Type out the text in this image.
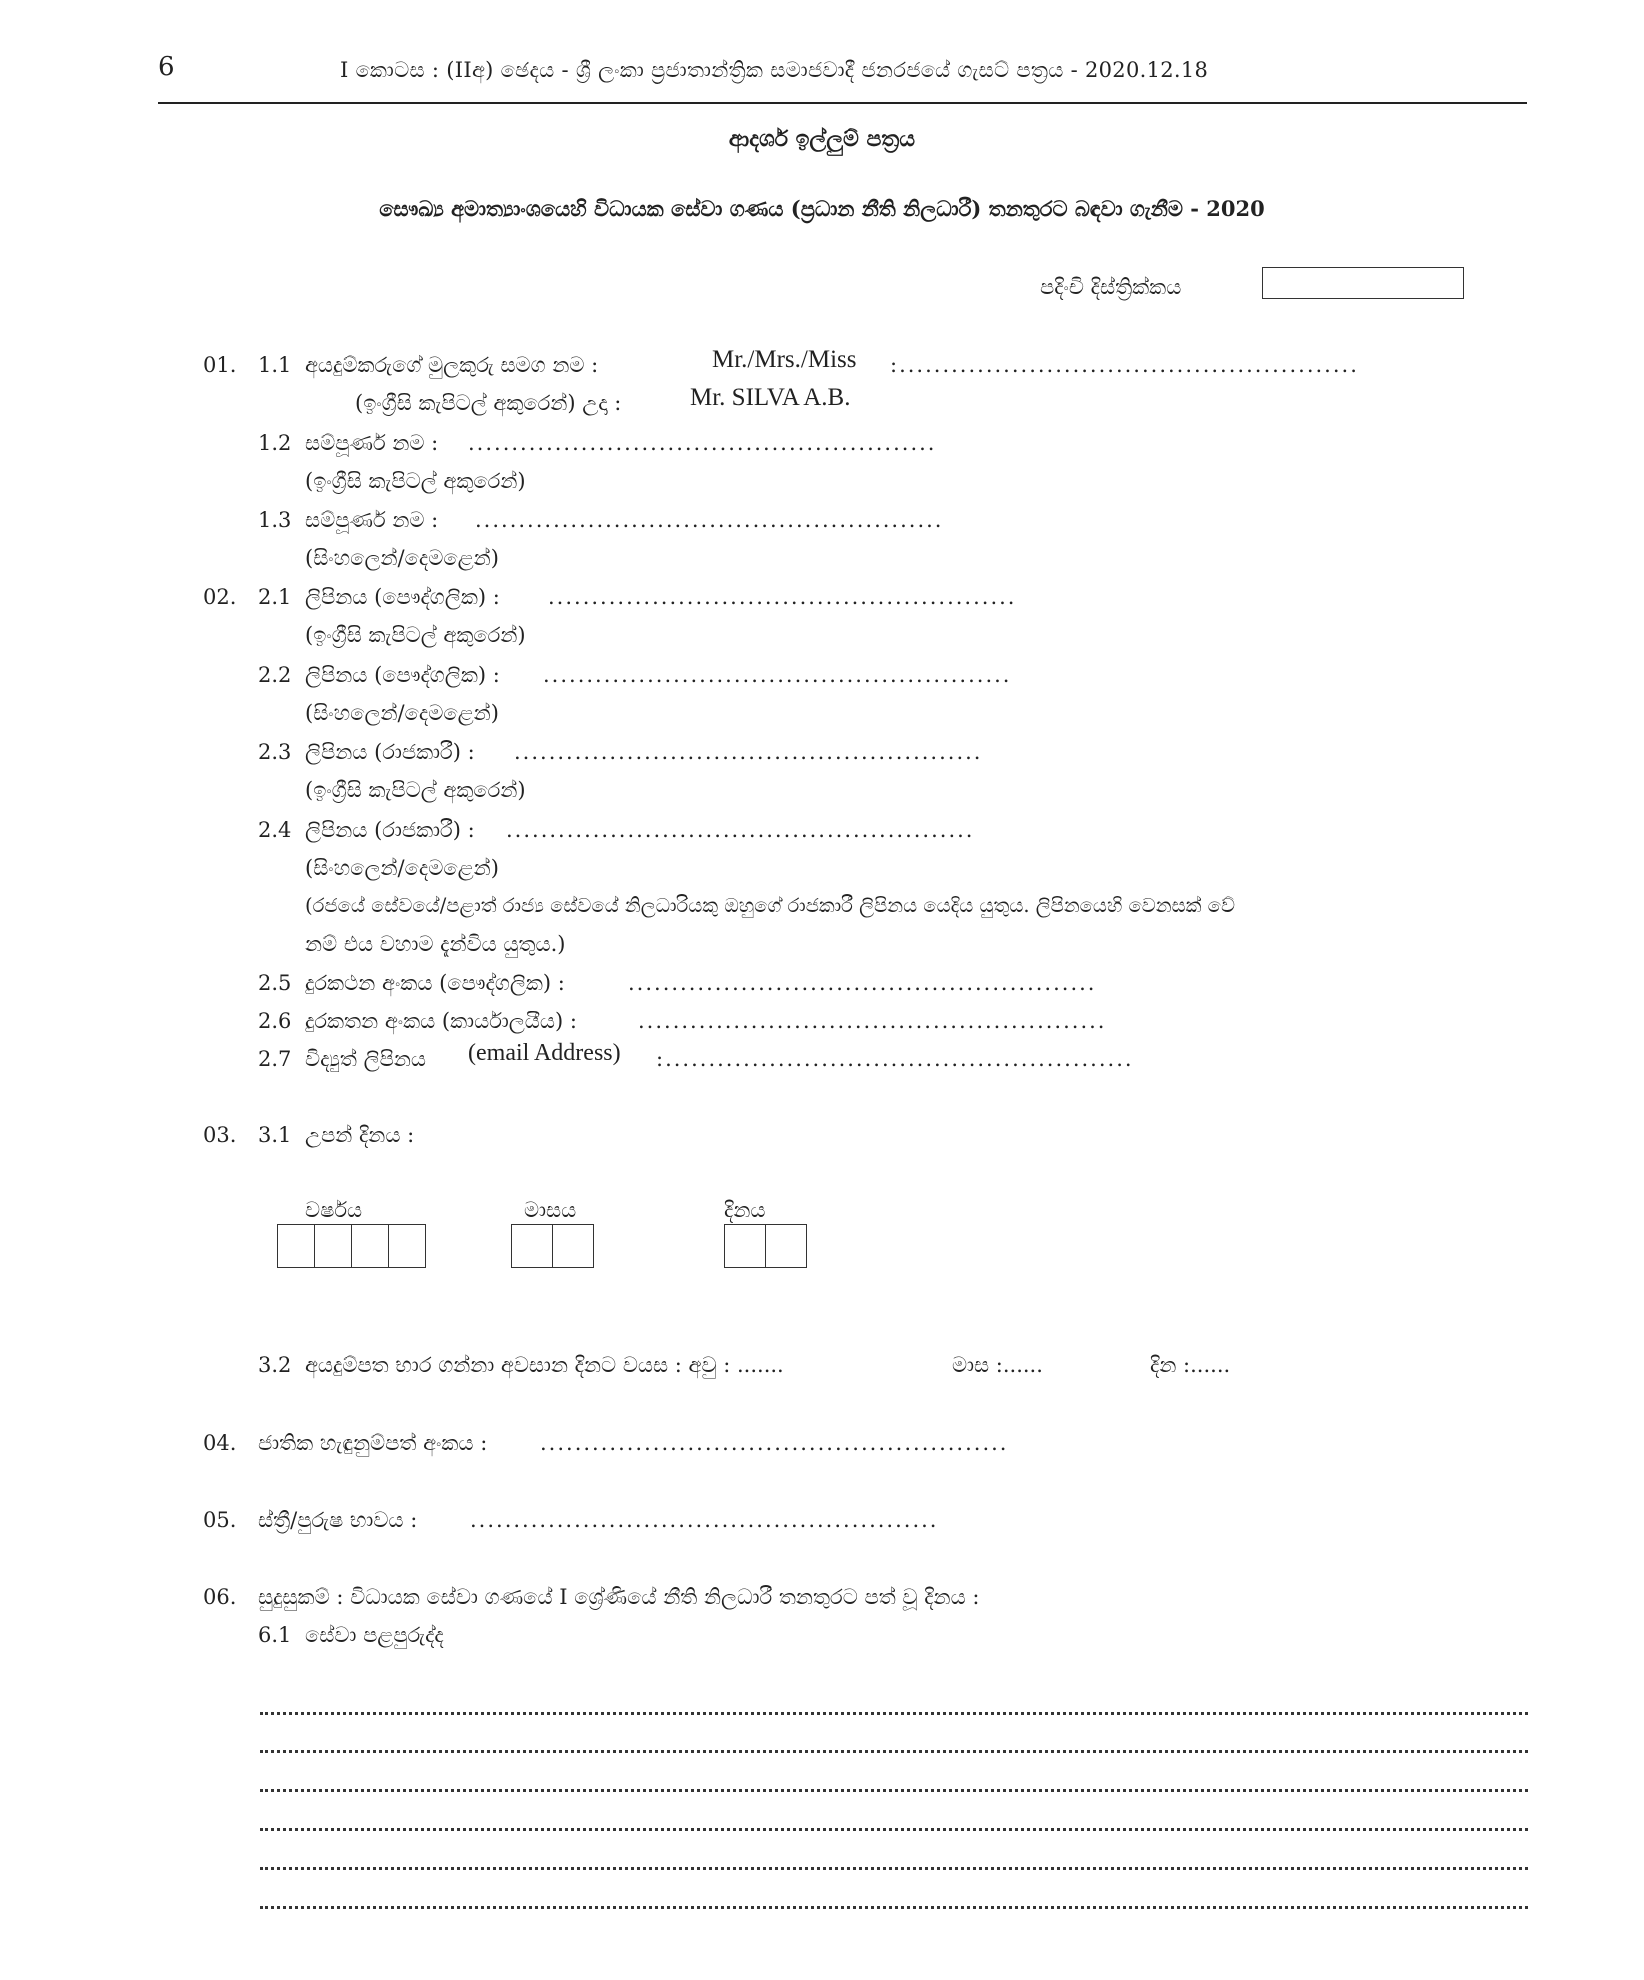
6	I කොටස : (IIඅ) ඡෙදය - ශ්‍රී ලංකා ප්‍රජාතාන්ත්‍රික සමාජවාදී ජනරජයේ ගැසට් පත්‍රය - 2020.12.18
ආදර්ශ ඉල්ලුම් පත්‍රය
සෞඛ්‍ය අමාත්‍යාංශයෙහි විධායක සේවා ගණය (ප්‍රධාන නීති නිලධාරී) තනතුරට බඳවා ගැනීම - 2020
පදිංචි දිස්ත්‍රික්කය
01. 1.1 අයදුම්කරුගේ මුලකුරු සමග නම :	Mr./Mrs./Miss :.....................................................
(ඉංග්‍රීසි කැපිටල් අකුරෙන්) උදා :	Mr. SILVA A.B.
1.2 සම්පූර්ණ නම : ......................................................
(ඉංග්‍රීසි කැපිටල් අකුරෙන්)
1.3 සම්පූර්ණ නම : ......................................................
(සිංහලෙන්/දෙමළෙන්)
02. 2.1 ලිපිනය (පෞද්ගලික) : ......................................................
(ඉංග්‍රීසි කැපිටල් අකුරෙන්)
2.2 ලිපිනය (පෞද්ගලික) : ......................................................
(සිංහලෙන්/දෙමළෙන්)
2.3 ලිපිනය (රාජකාරී) : ......................................................
(ඉංග්‍රීසි කැපිටල් අකුරෙන්)
2.4 ලිපිනය (රාජකාරී) : ......................................................
(සිංහලෙන්/දෙමළෙන්)
(රජයේ සේවයේ/පළාත් රාජ්‍ය සේවයේ නිලධාරියකු ඔහුගේ රාජකාරී ලිපිනය යෙදිය යුතුය. ලිපිනයෙහි වෙනසක් වේ
නම් එය වහාම දැන්විය යුතුය.)
2.5 දුරකථන අංකය (පෞද්ගලික) :	......................................................
2.6 දුරකතන අංකය (කාර්යාලයීය) :	......................................................
2.7 විද්‍යුත් ලිපිනය (email Address) :......................................................
03. 3.1 උපන් දිනය :
වර්ෂය	මාසය	දිනය
3.2 අයදුම්පත භාර ගන්නා අවසාන දිනට වයස : අවු : .......	මාස :......	දින :......
04. ජාතික හැඳුනුම්පත් අංකය :	......................................................
05. ස්ත්‍රී/පුරුෂ භාවය :	......................................................
06. සුදුසුකම් : විධායක සේවා ගණයේ I ශ්‍රේණියේ නීති නිලධාරී තනතුරට පත් වූ දිනය :
6.1 සේවා පළපුරුද්ද
